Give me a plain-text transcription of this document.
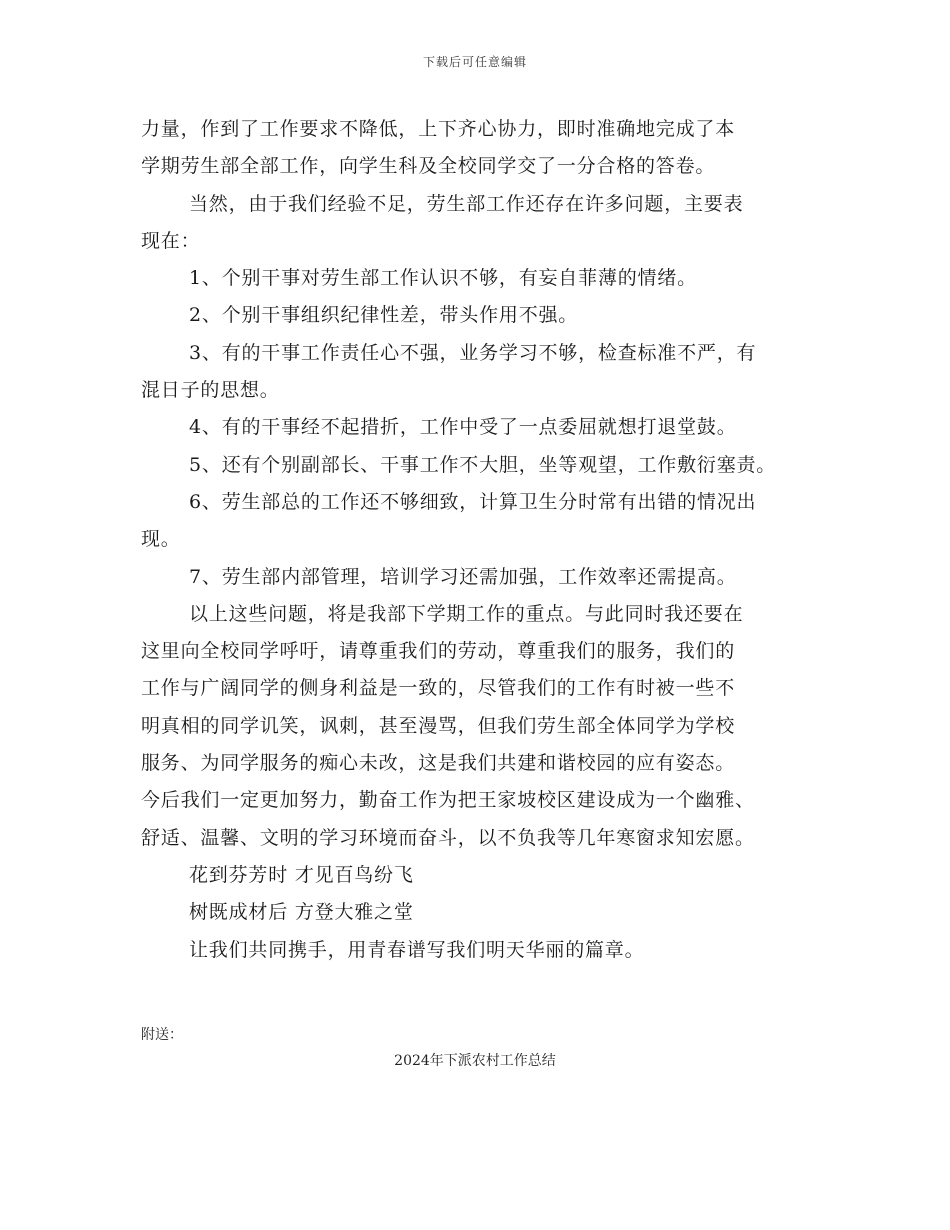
下载后可任意编辑
力量，作到了工作要求不降低，上下齐心协力，即时准确地完成了本
学期劳生部全部工作，向学生科及全校同学交了一分合格的答卷。
当然，由于我们经验不足，劳生部工作还存在许多问题，主要表
现在：
1、个别干事对劳生部工作认识不够，有妄自菲薄的情绪。
2、个别干事组织纪律性差，带头作用不强。
3、有的干事工作责任心不强，业务学习不够，检查标准不严，有
混日子的思想。
4、有的干事经不起措折，工作中受了一点委屈就想打退堂鼓。
5、还有个别副部长、干事工作不大胆，坐等观望，工作敷衍塞责。
6、劳生部总的工作还不够细致，计算卫生分时常有出错的情况出
现。
7、劳生部内部管理，培训学习还需加强，工作效率还需提高。
以上这些问题，将是我部下学期工作的重点。与此同时我还要在
这里向全校同学呼吁，请尊重我们的劳动，尊重我们的服务，我们的
工作与广阔同学的侧身利益是一致的，尽管我们的工作有时被一些不
明真相的同学讥笑，讽刺，甚至漫骂，但我们劳生部全体同学为学校
服务、为同学服务的痴心未改，这是我们共建和谐校园的应有姿态。
今后我们一定更加努力，勤奋工作为把王家坡校区建设成为一个幽雅、
舒适、温馨、文明的学习环境而奋斗，以不负我等几年寒窗求知宏愿。
花到芬芳时 才见百鸟纷飞
树既成材后 方登大雅之堂
让我们共同携手，用青春谱写我们明天华丽的篇章。
附送：
2024年下派农村工作总结
